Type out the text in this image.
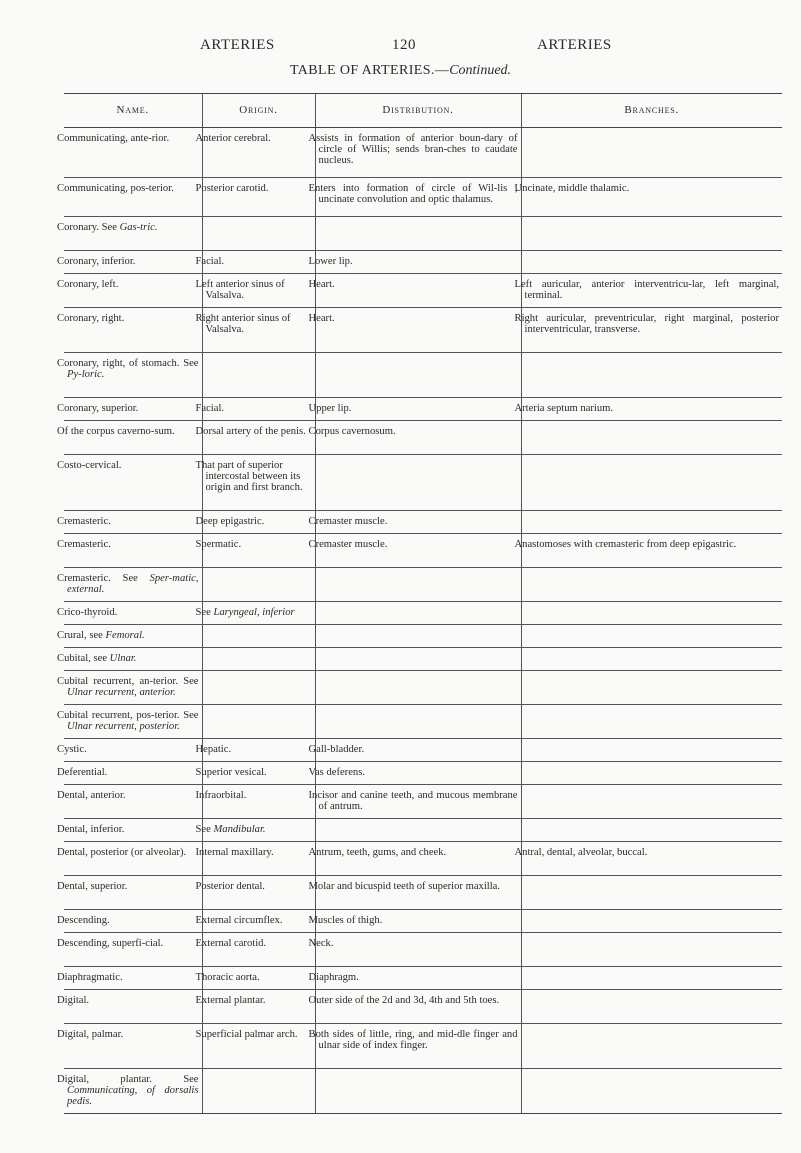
ARTERIES	120	ARTERIES
TABLE OF ARTERIES.—Continued.
Name.	Origin.	Distribution.	Branches.
Communicating, ante-rior.	Anterior cerebral.	Assists in formation of anterior boun-dary of circle of Willis; sends bran-ches to caudate nucleus.	
Communicating, pos-terior.	Posterior carotid.	Enters into formation of circle of Wil-lis ; uncinate convolution and optic thalamus.	Uncinate, middle thalamic.
Coronary. See Gas-tric.			
Coronary, inferior.	Facial.	Lower lip.	
Coronary, left.	Left anterior sinus of Valsalva.	Heart.	Left auricular, anterior interventricu-lar, left marginal, terminal.
Coronary, right.	Right anterior sinus of Valsalva.	Heart.	Right auricular, preventricular, right marginal, posterior interventricular, transverse.
Coronary, right, of stomach. See Py-loric.			
Coronary, superior.	Facial.	Upper lip.	Arteria septum narium.
Of the corpus caverno-sum.	Dorsal artery of the penis.	Corpus cavernosum.	
Costo-cervical.	That part of superior intercostal between its origin and first branch.		
Cremasteric.	Deep epigastric.	Cremaster muscle.	
Cremasteric.	Spermatic.	Cremaster muscle.	Anastomoses with cremasteric from deep epigastric.
Cremasteric. See Sper-matic, external.			
Crico-thyroid.	See Laryngeal, inferior		
Crural, see Femoral.			
Cubital, see Ulnar.			
Cubital recurrent, an-terior. See Ulnar recurrent, anterior.			
Cubital recurrent, pos-terior. See Ulnar recurrent, posterior.			
Cystic.	Hepatic.	Gall-bladder.	
Deferential.	Superior vesical.	Vas deferens.	
Dental, anterior.	Infraorbital.	Incisor and canine teeth, and mucous membrane of antrum.	
Dental, inferior.	See Mandibular.		
Dental, posterior (or alveolar).	Internal maxillary.	Antrum, teeth, gums, and cheek.	Antral, dental, alveolar, buccal.
Dental, superior.	Posterior dental.	Molar and bicuspid teeth of superior maxilla.	
Descending.	External circumflex.	Muscles of thigh.	
Descending, superfi-cial.	External carotid.	Neck.	
Diaphragmatic.	Thoracic aorta.	Diaphragm.	
Digital.	External plantar.	Outer side of the 2d and 3d, 4th and 5th toes.	
Digital, palmar.	Superficial palmar arch.	Both sides of little, ring, and mid-dle finger and ulnar side of index finger.	
Digital, plantar. See Communicating, of dorsalis pedis.			
